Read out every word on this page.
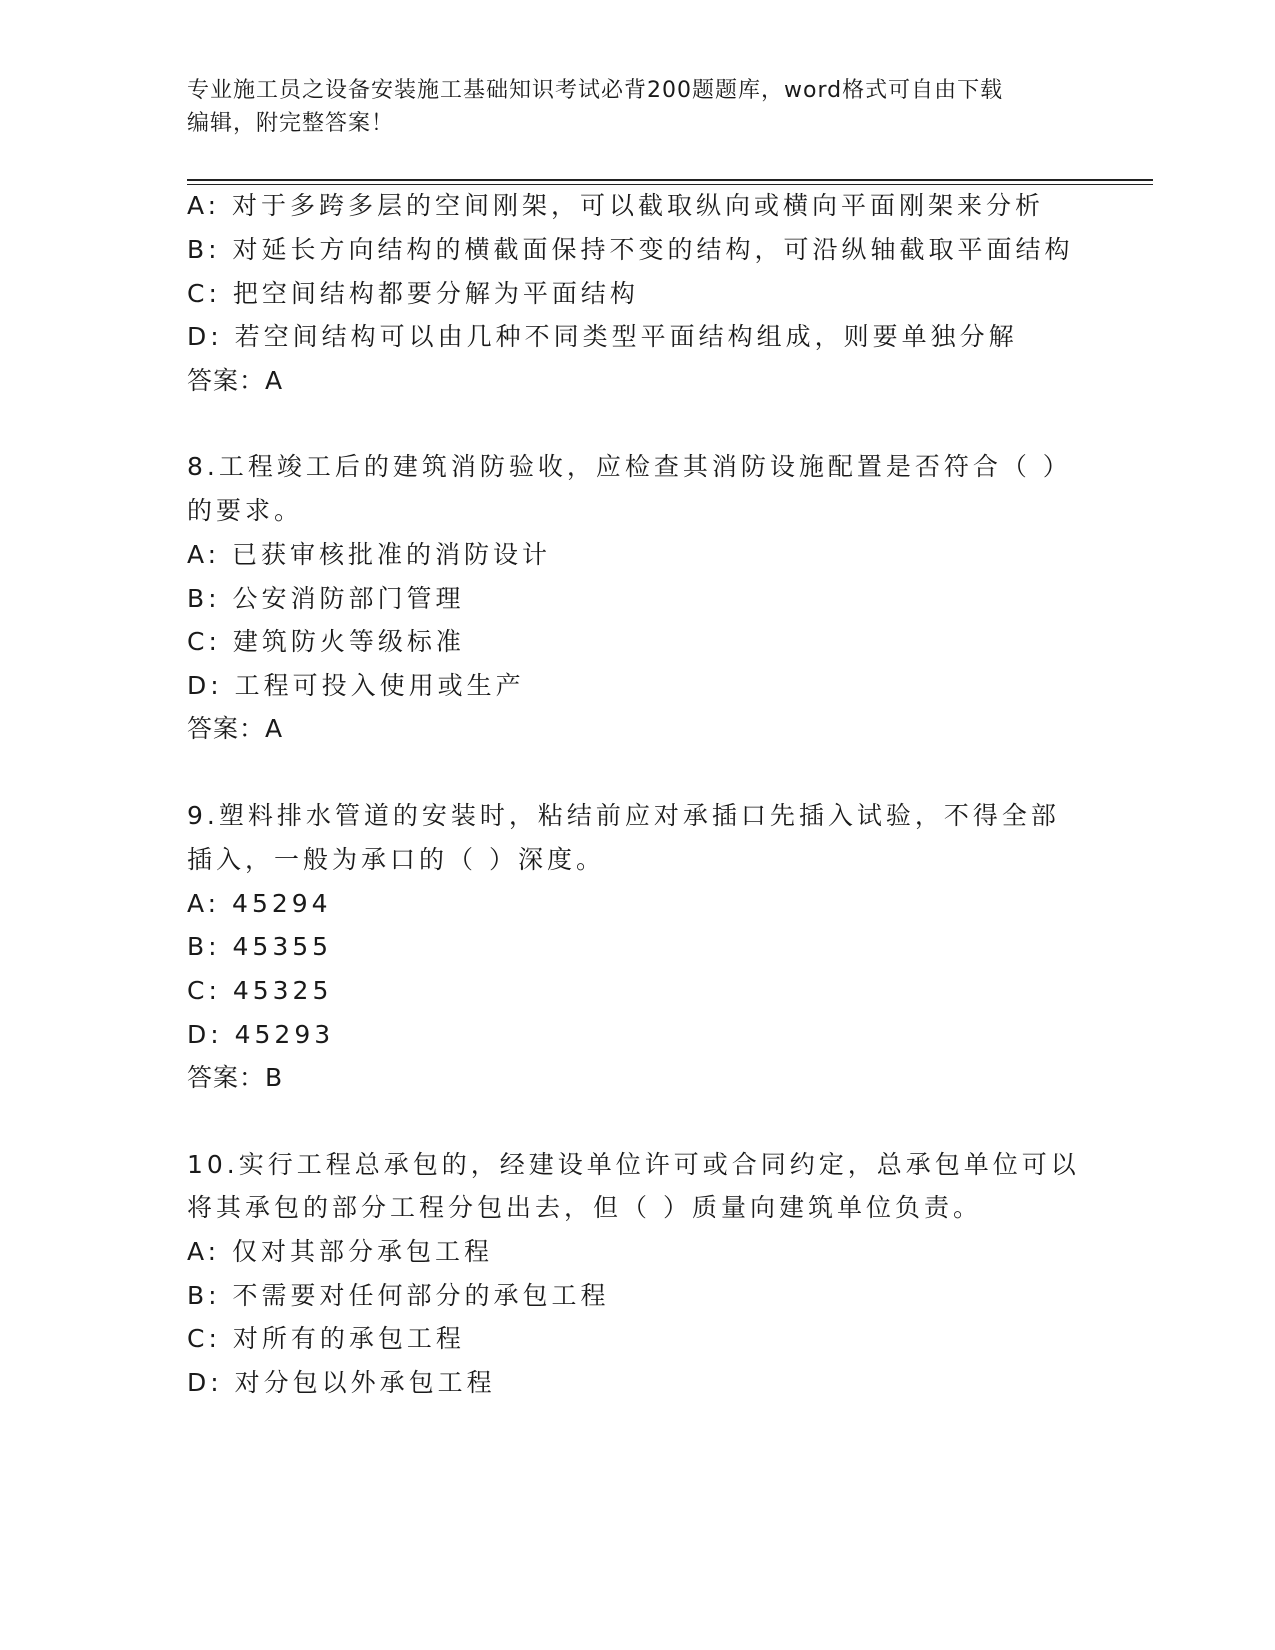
专业施工员之设备安装施工基础知识考试必背200题题库，word格式可自由下载
编辑，附完整答案！
A: 对于多跨多层的空间刚架，可以截取纵向或横向平面刚架来分析
B: 对延长方向结构的横截面保持不变的结构，可沿纵轴截取平面结构
C: 把空间结构都要分解为平面结构
D: 若空间结构可以由几种不同类型平面结构组成，则要单独分解
答案：A
8.工程竣工后的建筑消防验收，应检查其消防设施配置是否符合（ ）
的要求。
A: 已获审核批准的消防设计
B: 公安消防部门管理
C: 建筑防火等级标准
D: 工程可投入使用或生产
答案：A
9.塑料排水管道的安装时，粘结前应对承插口先插入试验，不得全部
插入，一般为承口的（ ）深度。
A: 45294
B: 45355
C: 45325
D: 45293
答案：B
10.实行工程总承包的，经建设单位许可或合同约定，总承包单位可以
将其承包的部分工程分包出去，但（ ）质量向建筑单位负责。
A: 仅对其部分承包工程
B: 不需要对任何部分的承包工程
C: 对所有的承包工程
D: 对分包以外承包工程
